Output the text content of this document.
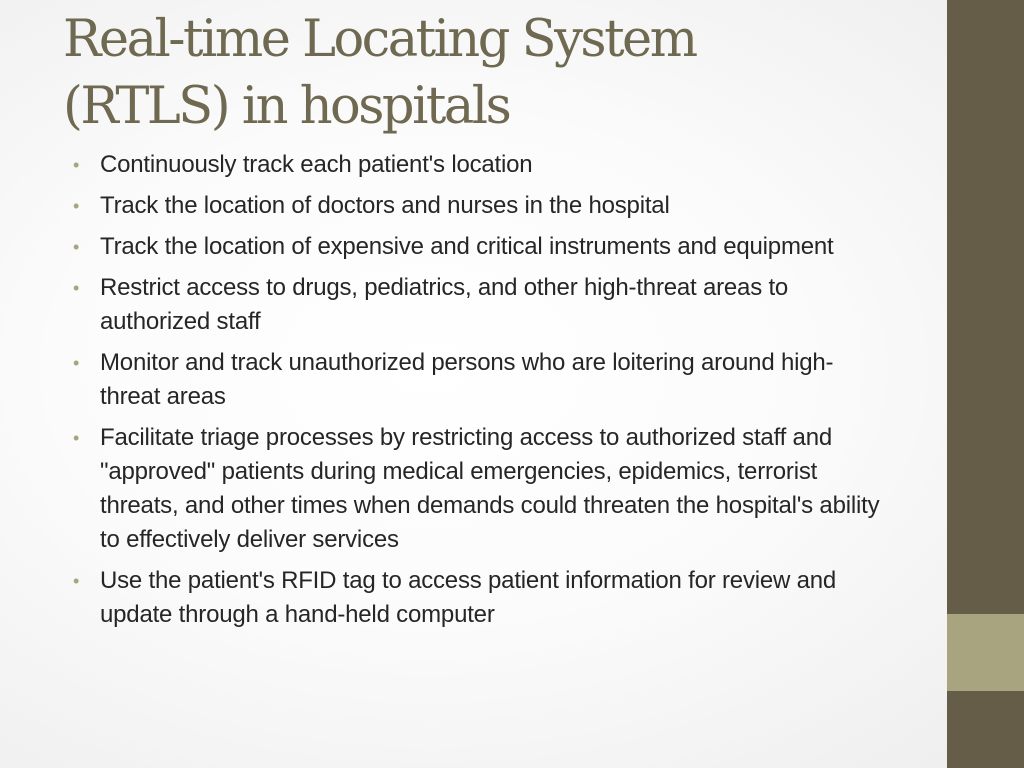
Real-time Locating System
(RTLS) in hospitals
• Continuously track each patient's location
• Track the location of doctors and nurses in the hospital
• Track the location of expensive and critical instruments and equipment
• Restrict access to drugs, pediatrics, and other high-threat areas to authorized staff
• Monitor and track unauthorized persons who are loitering around high-threat areas
• Facilitate triage processes by restricting access to authorized staff and "approved" patients during medical emergencies, epidemics, terrorist threats, and other times when demands could threaten the hospital's ability to effectively deliver services
• Use the patient's RFID tag to access patient information for review and update through a hand-held computer
